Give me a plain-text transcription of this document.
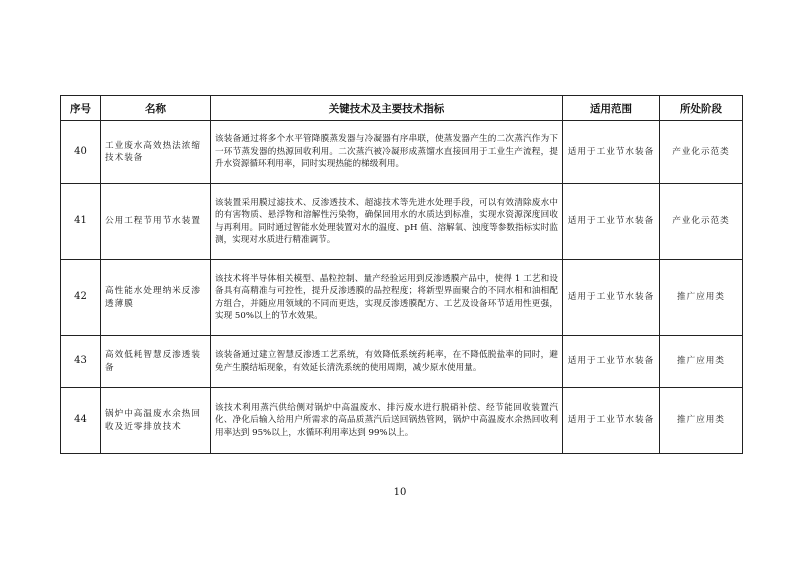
序号	名称	关键技术及主要技术指标	适用范围	所处阶段
40	工业废水高效热法浓缩技术装备	该装备通过将多个水平管降膜蒸发器与冷凝器有序串联，使蒸发器产生的二次蒸汽作为下一环节蒸发器的热源回收利用。二次蒸汽被冷凝形成蒸馏水直接回用于工业生产流程，提升水资源循环利用率，同时实现热能的梯级利用。	适用于工业节水装备	产业化示范类
41	公用工程节用节水装置	该装置采用膜过滤技术、反渗透技术、超滤技术等先进水处理手段，可以有效清除废水中的有害物质、悬浮物和溶解性污染物，确保回用水的水质达到标准，实现水资源深度回收与再利用。同时通过智能水处理装置对水的温度、pH 值、溶解氧、浊度等参数指标实时监测，实现对水质进行精准调节。	适用于工业节水装备	产业化示范类
42	高性能水处理纳米反渗透薄膜	该技术将半导体相关模型、晶粒控制、量产经验运用到反渗透膜产品中，使得 1 工艺和设备具有高精准与可控性，提升反渗透膜的品控程度；将新型界面聚合的不同水相和油相配方组合，并随应用领域的不同而更迭，实现反渗透膜配方、工艺及设备环节适用性更强，实现 50%以上的节水效果。	适用于工业节水装备	推广应用类
43	高效低耗智慧反渗透装备	该装备通过建立智慧反渗透工艺系统，有效降低系统药耗率，在不降低脱盐率的同时，避免产生膜结垢现象，有效延长清洗系统的使用周期，减少原水使用量。	适用于工业节水装备	推广应用类
44	锅炉中高温废水余热回收及近零排放技术	该技术利用蒸汽供给侧对锅炉中高温废水、排污废水进行脱硝补偿、经节能回收装置汽化、净化后输入给用户所需求的高品质蒸汽后送回锅热管网，锅炉中高温废水余热回收利用率达到 95%以上，水循环利用率达到 99%以上。	适用于工业节水装备	推广应用类
10
